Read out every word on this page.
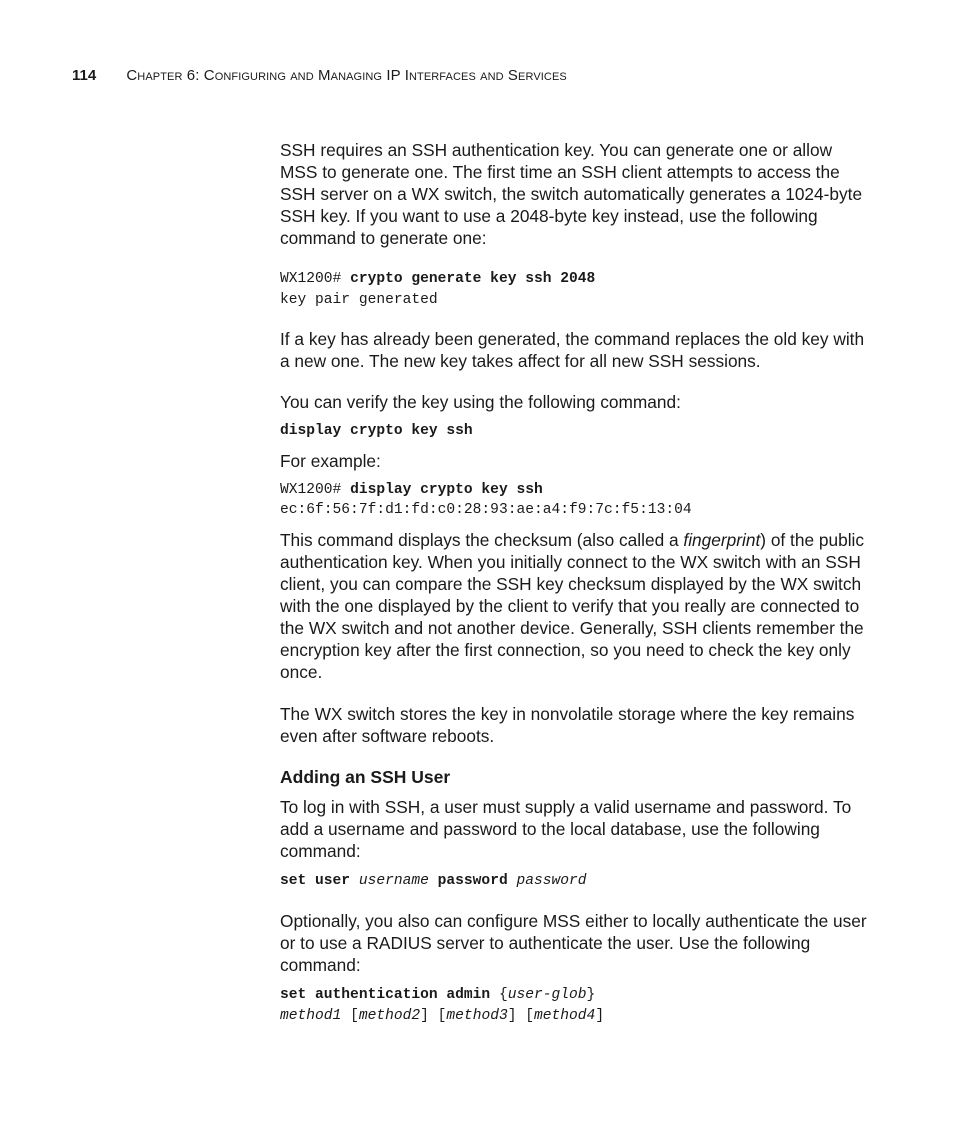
114 Chapter 6: Configuring and Managing IP Interfaces and Services

SSH requires an SSH authentication key. You can generate one or allow MSS to generate one. The first time an SSH client attempts to access the SSH server on a WX switch, the switch automatically generates a 1024-byte SSH key. If you want to use a 2048-byte key instead, use the following command to generate one:

WX1200# crypto generate key ssh 2048
key pair generated

If a key has already been generated, the command replaces the old key with a new one. The new key takes affect for all new SSH sessions.

You can verify the key using the following command:

display crypto key ssh

For example:

WX1200# display crypto key ssh
ec:6f:56:7f:d1:fd:c0:28:93:ae:a4:f9:7c:f5:13:04

This command displays the checksum (also called a fingerprint) of the public authentication key. When you initially connect to the WX switch with an SSH client, you can compare the SSH key checksum displayed by the WX switch with the one displayed by the client to verify that you really are connected to the WX switch and not another device. Generally, SSH clients remember the encryption key after the first connection, so you need to check the key only once.

The WX switch stores the key in nonvolatile storage where the key remains even after software reboots.

Adding an SSH User

To log in with SSH, a user must supply a valid username and password. To add a username and password to the local database, use the following command:

set user username password password

Optionally, you also can configure MSS either to locally authenticate the user or to use a RADIUS server to authenticate the user. Use the following command:

set authentication admin {user-glob}
method1 [method2] [method3] [method4]
